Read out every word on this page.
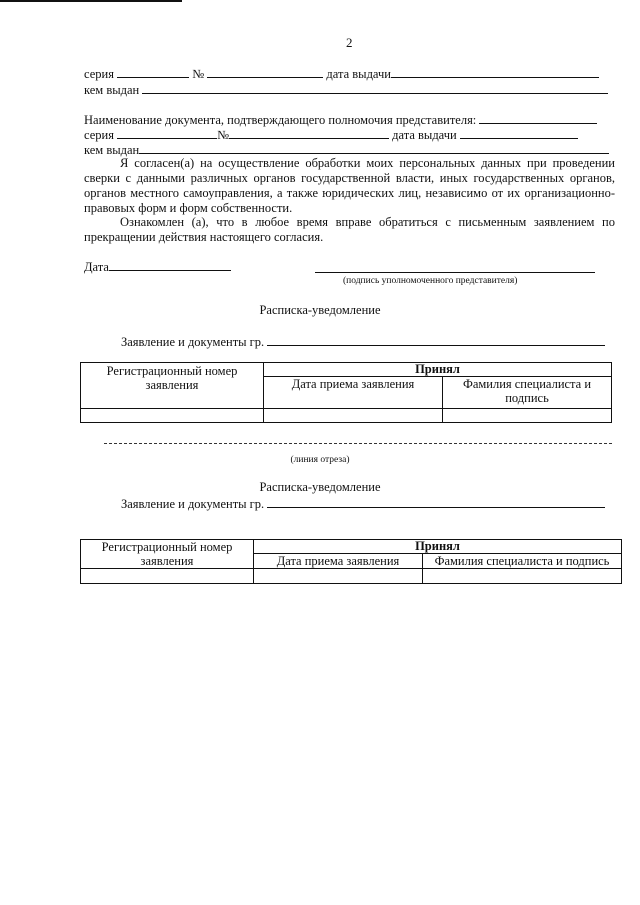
2
серия	№	дата выдачи
кем выдан
Наименование документа, подтверждающего полномочия представителя:
серия	№	дата выдачи
кем выдан
Я согласен(а) на осуществление обработки моих персональных данных при проведении сверки с данными различных органов государственной власти, иных государственных органов, органов местного самоуправления, а также юридических лиц, независимо от их организационно-правовых форм и форм собственности.
Ознакомлен (а), что в любое время вправе обратиться с письменным заявлением по прекращении действия настоящего согласия.
Дата
(подпись уполномоченного представителя)
Расписка-уведомление
Заявление и документы гр.
Регистрационный номер заявления	Принял	
	Дата приема заявления	Фамилия специалиста и подпись

(линия отреза)
Расписка-уведомление
Заявление и документы гр.
Регистрационный номер заявления	Принял	
	Дата приема заявления	Фамилия специалиста и подпись
